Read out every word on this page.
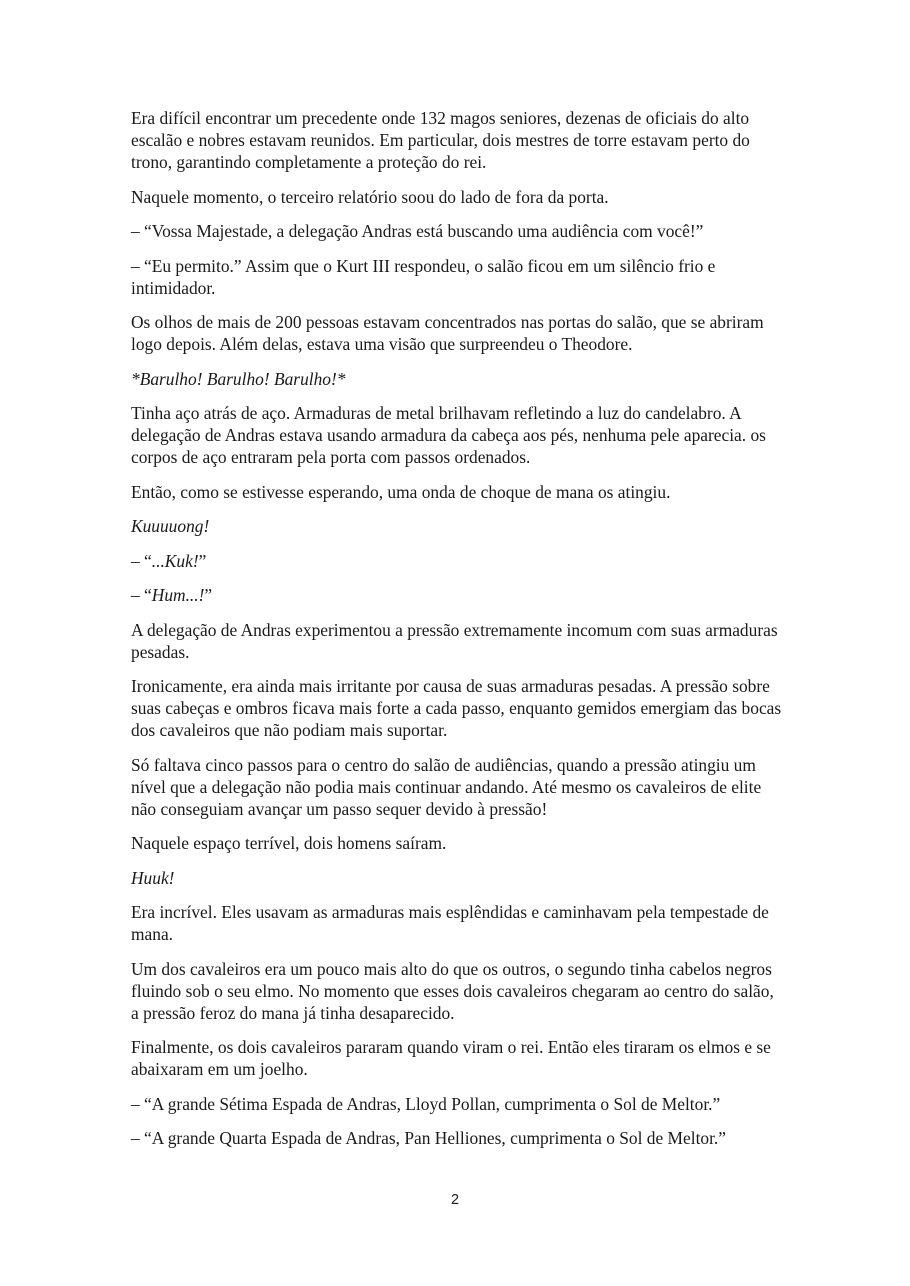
Era difícil encontrar um precedente onde 132 magos seniores, dezenas de oficiais do alto escalão e nobres estavam reunidos. Em particular, dois mestres de torre estavam perto do trono, garantindo completamente a proteção do rei.

Naquele momento, o terceiro relatório soou do lado de fora da porta.

– “Vossa Majestade, a delegação Andras está buscando uma audiência com você!”

– “Eu permito.” Assim que o Kurt III respondeu, o salão ficou em um silêncio frio e intimidador.

Os olhos de mais de 200 pessoas estavam concentrados nas portas do salão, que se abriram logo depois. Além delas, estava uma visão que surpreendeu o Theodore.

*Barulho! Barulho! Barulho!*

Tinha aço atrás de aço. Armaduras de metal brilhavam refletindo a luz do candelabro. A delegação de Andras estava usando armadura da cabeça aos pés, nenhuma pele aparecia. os corpos de aço entraram pela porta com passos ordenados.

Então, como se estivesse esperando, uma onda de choque de mana os atingiu.

Kuuuuong!

– “...Kuk!”

– “Hum...!”

A delegação de Andras experimentou a pressão extremamente incomum com suas armaduras pesadas.

Ironicamente, era ainda mais irritante por causa de suas armaduras pesadas. A pressão sobre suas cabeças e ombros ficava mais forte a cada passo, enquanto gemidos emergiam das bocas dos cavaleiros que não podiam mais suportar.

Só faltava cinco passos para o centro do salão de audiências, quando a pressão atingiu um nível que a delegação não podia mais continuar andando. Até mesmo os cavaleiros de elite não conseguiam avançar um passo sequer devido à pressão!

Naquele espaço terrível, dois homens saíram.

Huuk!

Era incrível. Eles usavam as armaduras mais esplêndidas e caminhavam pela tempestade de mana.

Um dos cavaleiros era um pouco mais alto do que os outros, o segundo tinha cabelos negros fluindo sob o seu elmo. No momento que esses dois cavaleiros chegaram ao centro do salão, a pressão feroz do mana já tinha desaparecido.

Finalmente, os dois cavaleiros pararam quando viram o rei. Então eles tiraram os elmos e se abaixaram em um joelho.

– “A grande Sétima Espada de Andras, Lloyd Pollan, cumprimenta o Sol de Meltor.”

– “A grande Quarta Espada de Andras, Pan Helliones, cumprimenta o Sol de Meltor.”

2
